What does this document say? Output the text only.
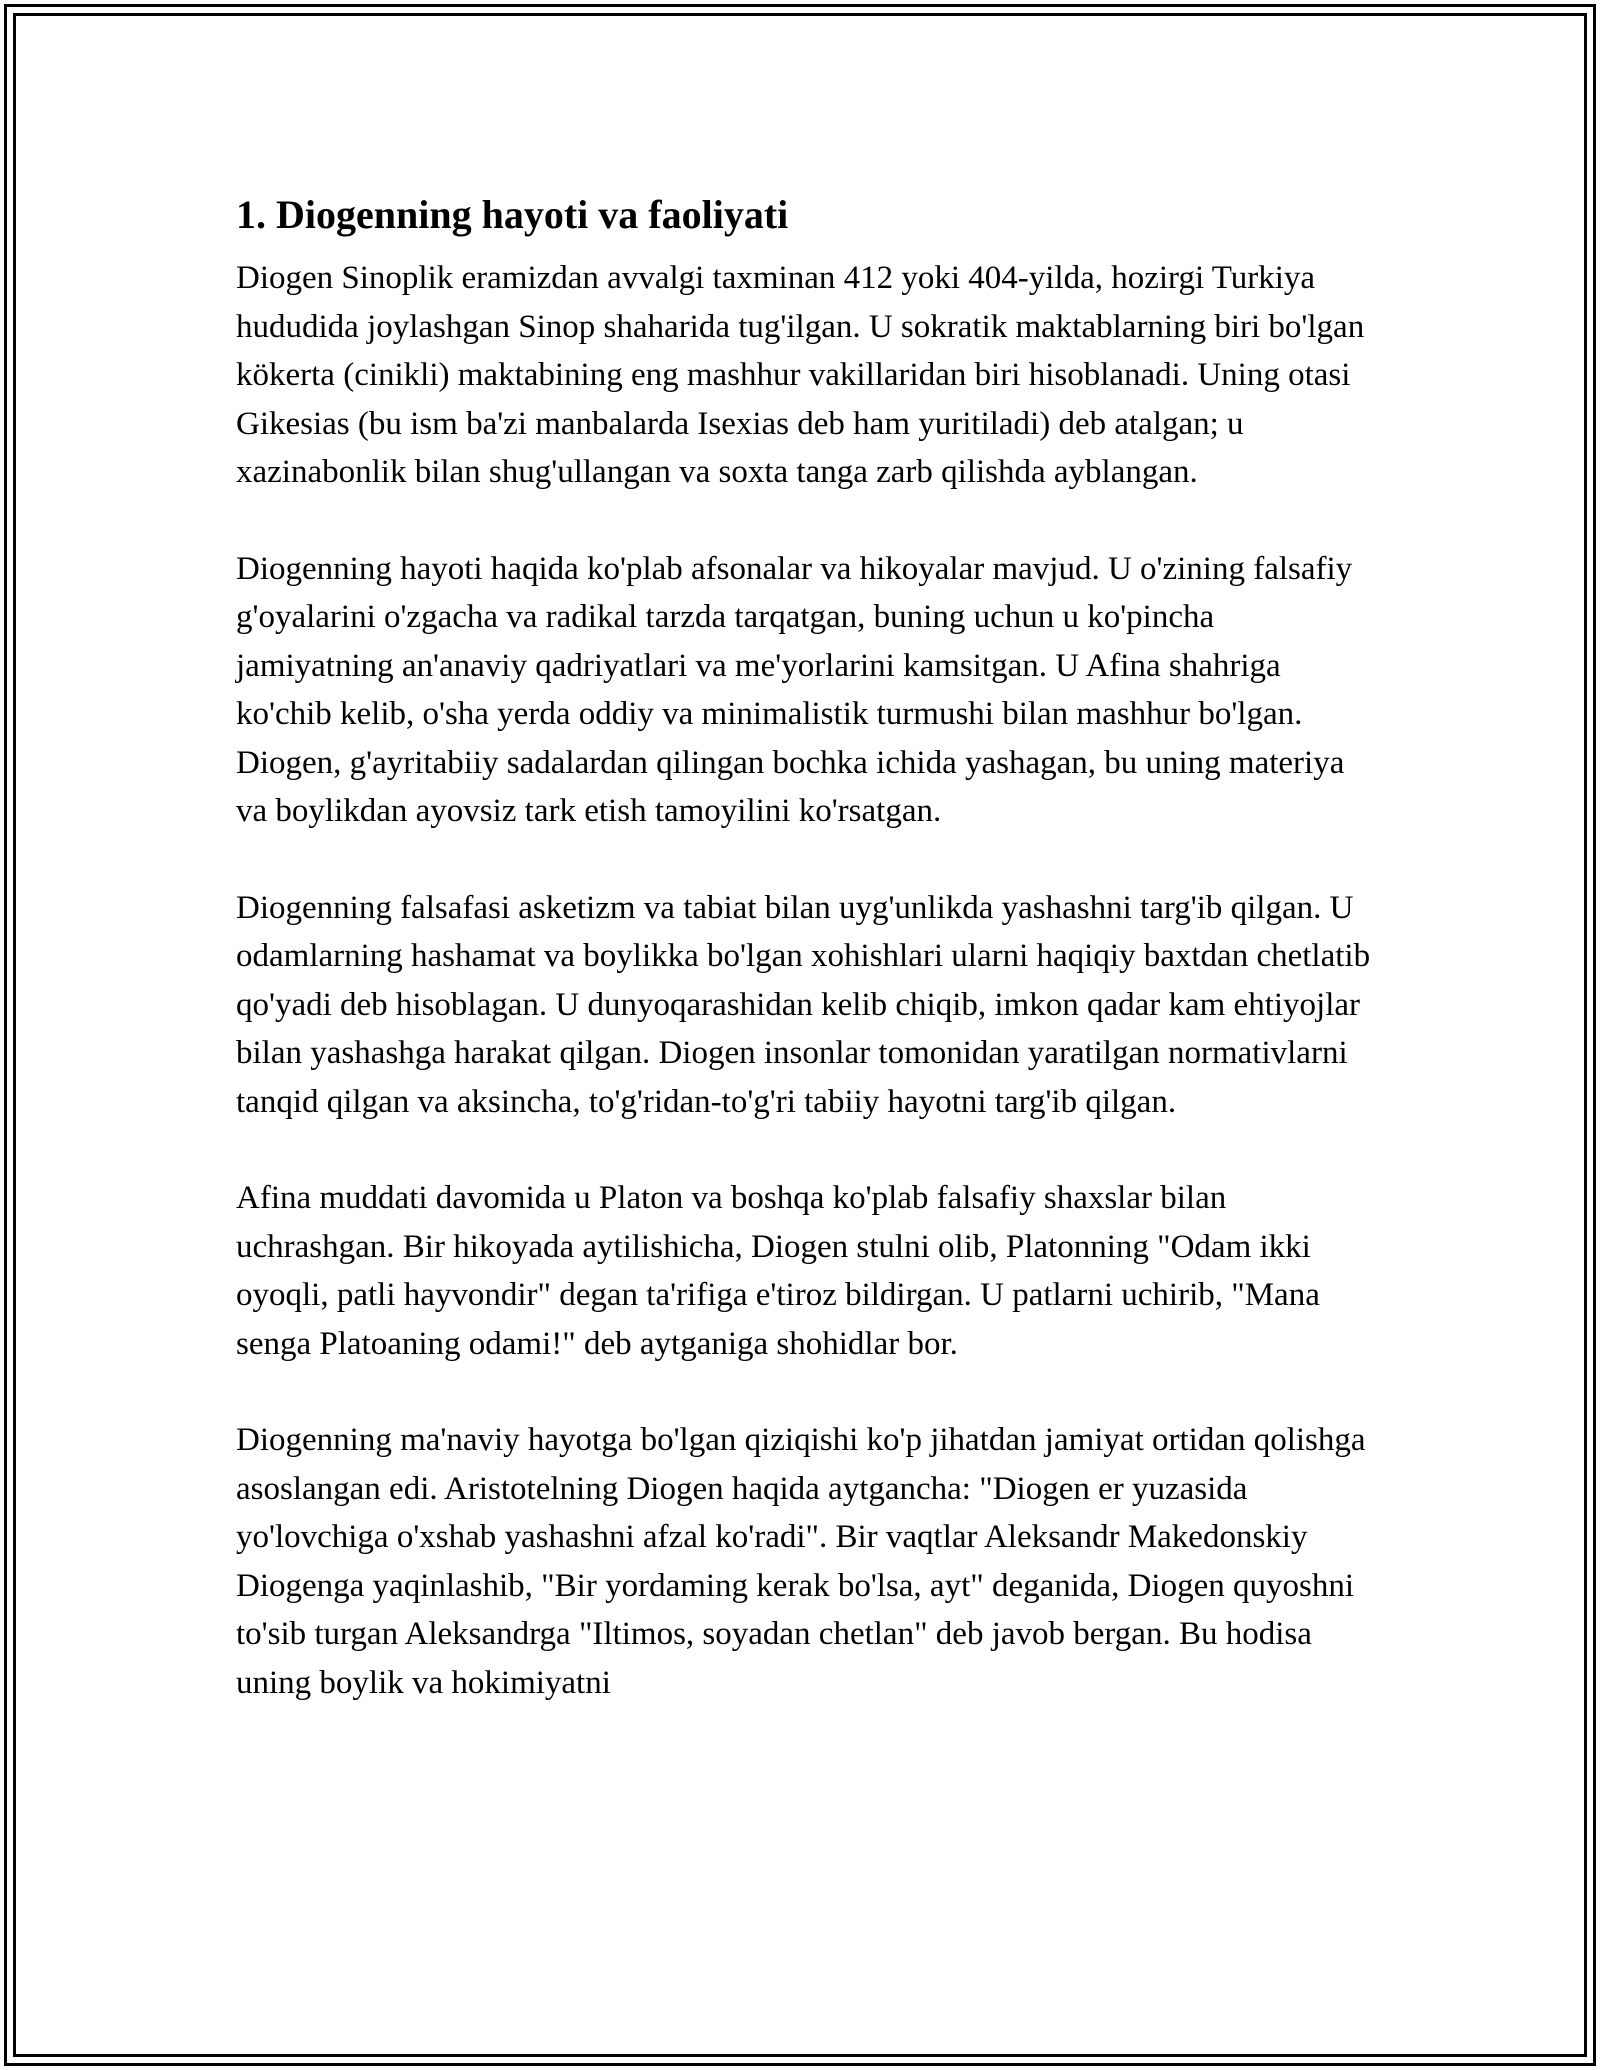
1. Diogenning hayoti va faoliyati

Diogen Sinoplik eramizdan avvalgi taxminan 412 yoki 404-yilda, hozirgi Turkiya hududida joylashgan Sinop shaharida tug'ilgan. U sokratik maktablarning biri bo'lgan kökerta (cinikli) maktabining eng mashhur vakillaridan biri hisoblanadi. Uning otasi Gikesias (bu ism ba'zi manbalarda Isexias deb ham yuritiladi) deb atalgan; u xazinabonlik bilan shug'ullangan va soxta tanga zarb qilishda ayblangan.

Diogenning hayoti haqida ko'plab afsonalar va hikoyalar mavjud. U o'zining falsafiy g'oyalarini o'zgacha va radikal tarzda tarqatgan, buning uchun u ko'pincha jamiyatning an'anaviy qadriyatlari va me'yorlarini kamsitgan. U Afina shahriga ko'chib kelib, o'sha yerda oddiy va minimalistik turmushi bilan mashhur bo'lgan. Diogen, g'ayritabiiy sadalardan qilingan bochka ichida yashagan, bu uning materiya va boylikdan ayovsiz tark etish tamoyilini ko'rsatgan.

Diogenning falsafasi asketizm va tabiat bilan uyg'unlikda yashashni targ'ib qilgan. U odamlarning hashamat va boylikka bo'lgan xohishlari ularni haqiqiy baxtdan chetlatib qo'yadi deb hisoblagan. U dunyoqarashidan kelib chiqib, imkon qadar kam ehtiyojlar bilan yashashga harakat qilgan. Diogen insonlar tomonidan yaratilgan normativlarni tanqid qilgan va aksincha, to'g'ridan-to'g'ri tabiiy hayotni targ'ib qilgan.

Afina muddati davomida u Platon va boshqa ko'plab falsafiy shaxslar bilan uchrashgan. Bir hikoyada aytilishicha, Diogen stulni olib, Platonning "Odam ikki oyoqli, patli hayvondir" degan ta'rifiga e'tiroz bildirgan. U patlarni uchirib, "Mana senga Platoaning odami!" deb aytganiga shohidlar bor.

Diogenning ma'naviy hayotga bo'lgan qiziqishi ko'p jihatdan jamiyat ortidan qolishga asoslangan edi. Aristotelning Diogen haqida aytgancha: "Diogen er yuzasida yo'lovchiga o'xshab yashashni afzal ko'radi". Bir vaqtlar Aleksandr Makedonskiy Diogenga yaqinlashib, "Bir yordaming kerak bo'lsa, ayt" deganida, Diogen quyoshni to'sib turgan Aleksandrga "Iltimos, soyadan chetlan" deb javob bergan. Bu hodisa uning boylik va hokimiyatni
